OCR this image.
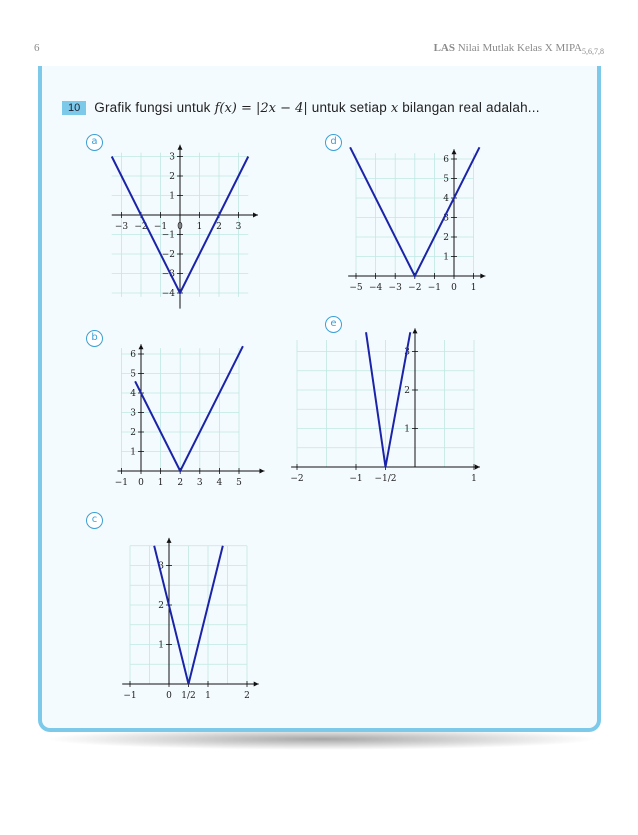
6	LAS Nilai Mutlak Kelas X $MIPA_{5,6,7,8}$
10 Grafik fungsi untuk f(x) = |2x − 4| untuk setiap x bilangan real adalah...
a	d
b
e
c
−3 −2 −1 0 1 2 3
3
2
1
−1
−2
−3
−4
−5 −4 −3 −2 −1 0 1
6
5
4
3
2
1
−1 0 1 2 3 4 5
6
5
4
3
2
1
−2	−1 −1/2	1
3
2
1
−1	0 1/2 1	2
3
2
1
